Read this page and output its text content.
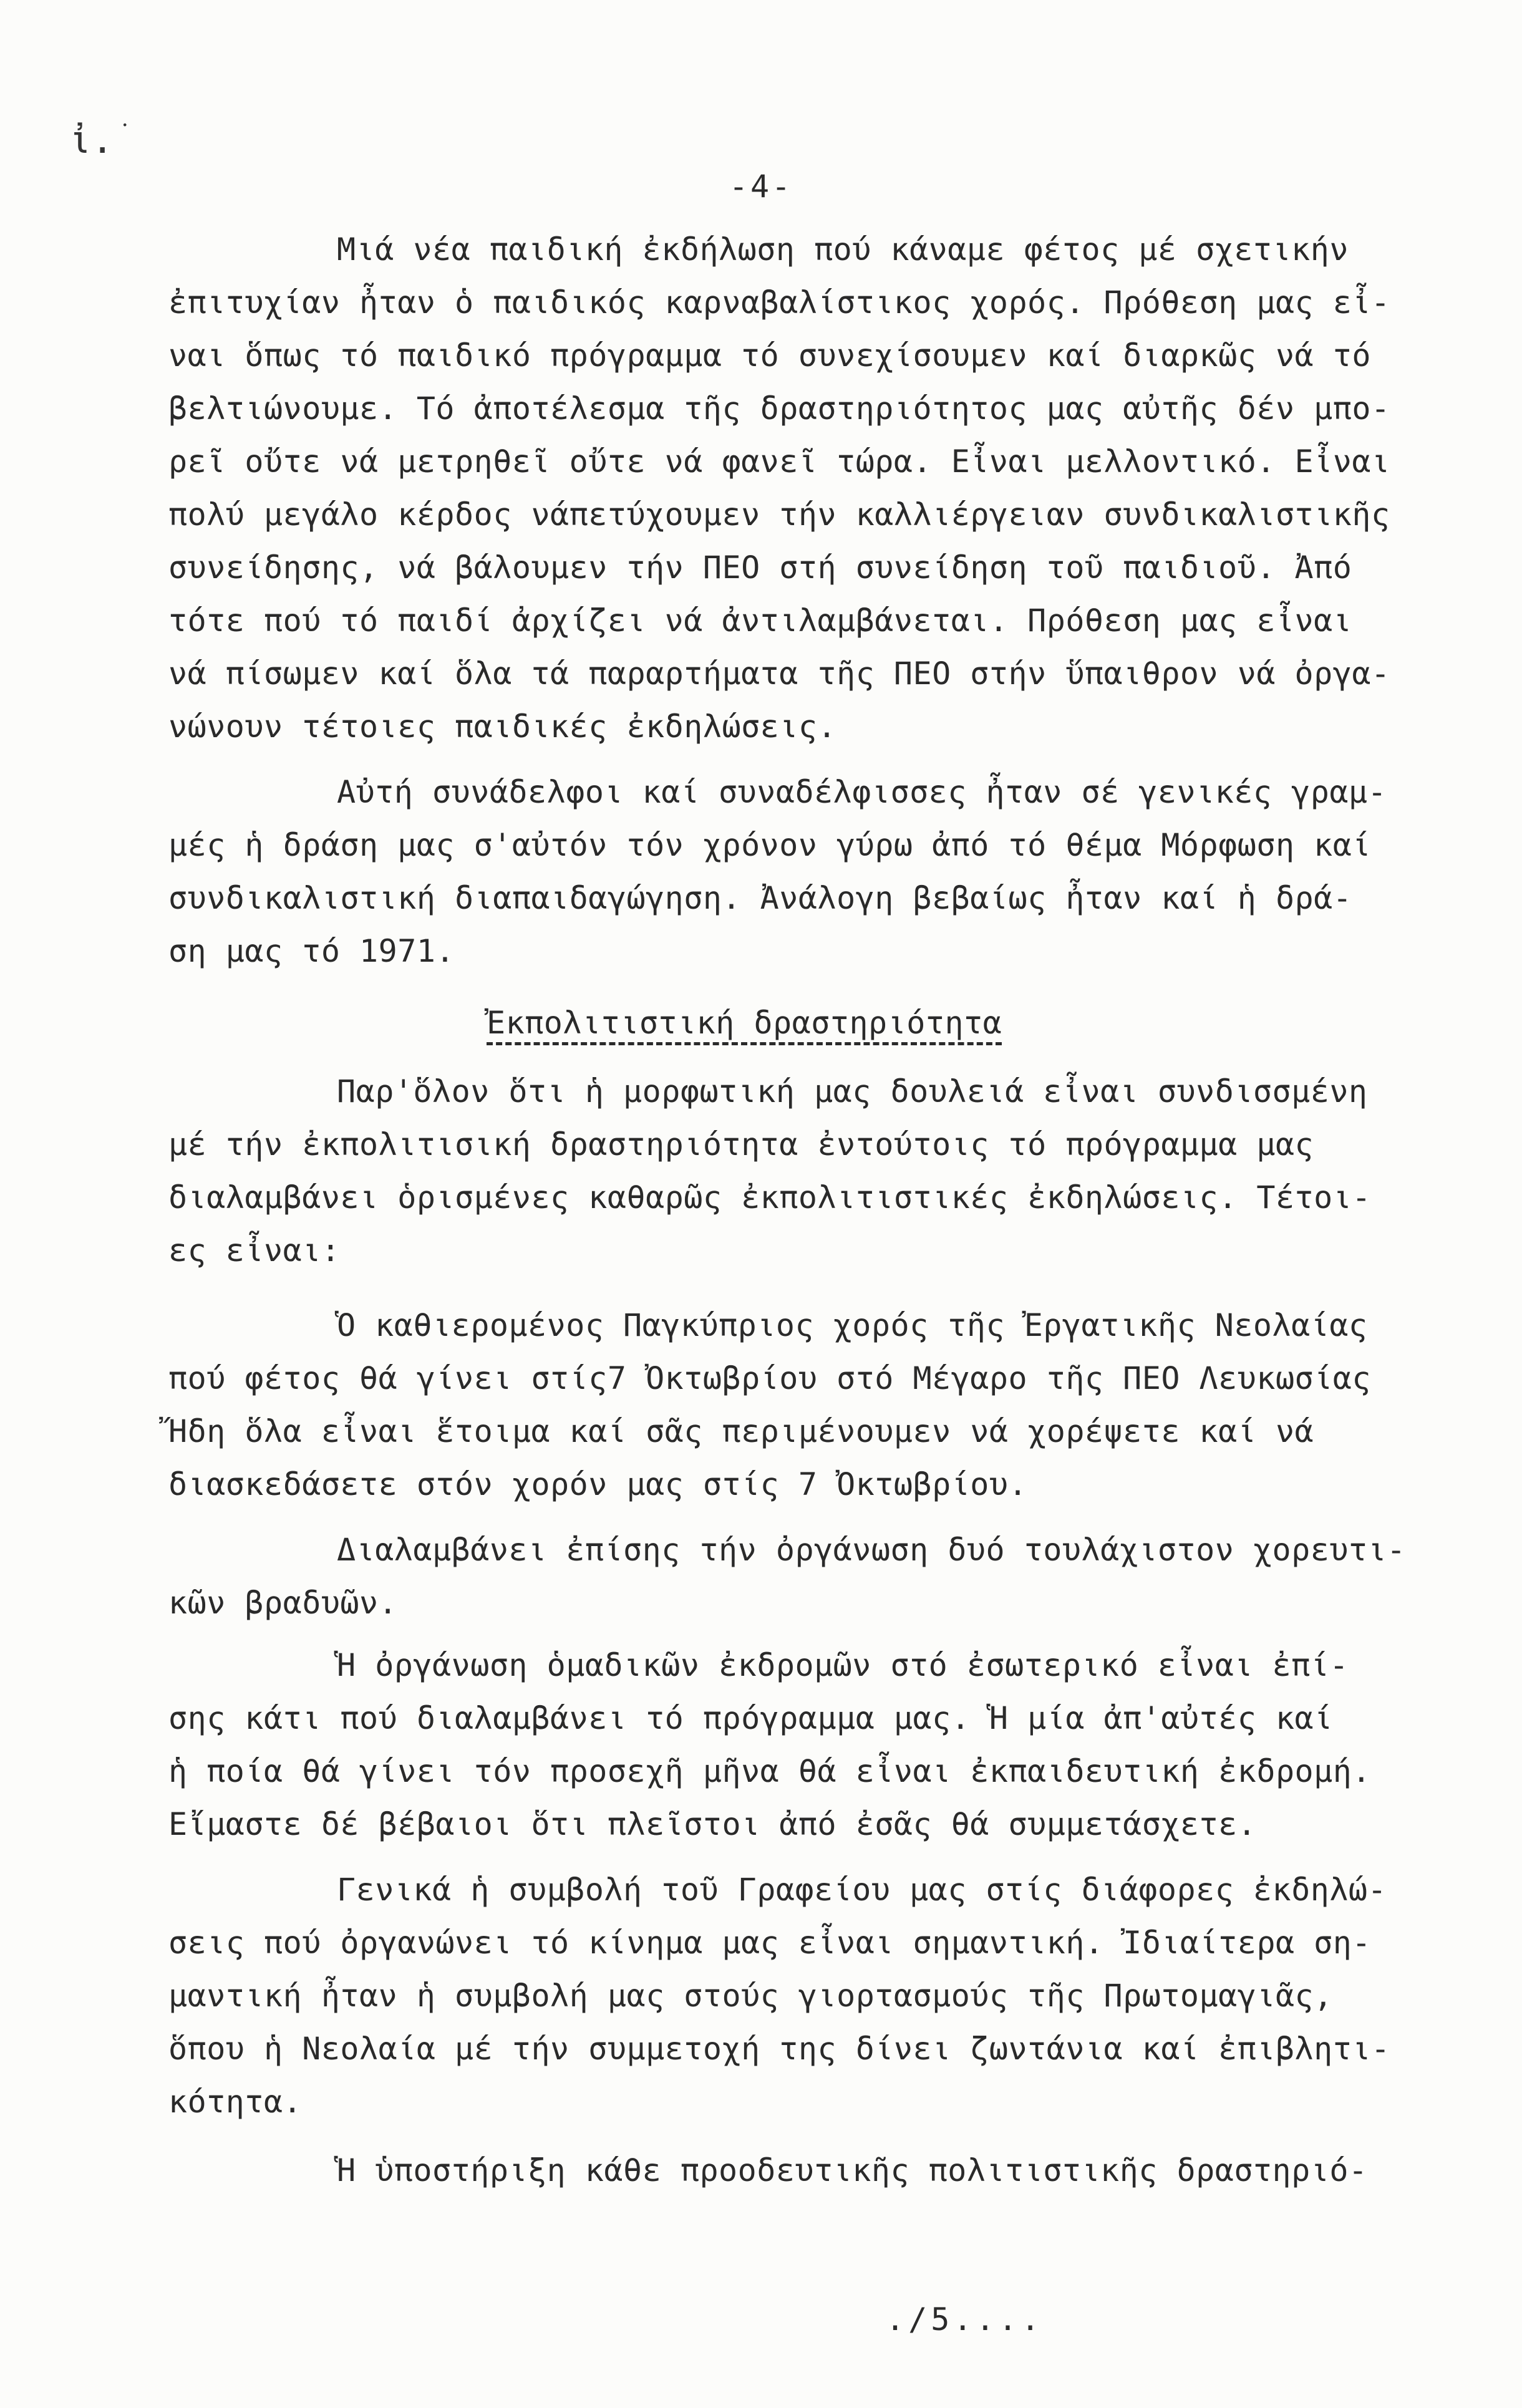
ἰ.ֺ
-4-
Μιά νέα παιδική ἐκδήλωση πού κάναμε φέτος μέ σχετικήν
ἐπιτυχίαν ἦταν ὁ παιδικός καρναβαλίστικος χορός. Πρόθεση μας εἶ-
ναι ὅπως τό παιδικό πρόγραμμα τό συνεχίσουμεν καί διαρκῶς νά τό
βελτιώνουμε. Τό ἀποτέλεσμα τῆς δραστηριότητος μας αὐτῆς δέν μπο-
ρεῖ οὔτε νά μετρηθεῖ οὔτε νά φανεῖ τώρα. Εἶναι μελλοντικό. Εἶναι
πολύ μεγάλο κέρδος νάπετύχουμεν τήν καλλιέργειαν συνδικαλιστικῆς
συνείδησης, νά βάλουμεν τήν ΠΕΟ στή συνείδηση τοῦ παιδιοῦ. Ἀπό
τότε πού τό παιδί ἀρχίζει νά ἀντιλαμβάνεται. Πρόθεση μας εἶναι
νά πίσωμεν καί ὅλα τά παραρτήματα τῆς ΠΕΟ στήν ὕπαιθρον νά ὀργα-
νώνουν τέτοιες παιδικές ἐκδηλώσεις.
Αὐτή συνάδελφοι καί συναδέλφισσες ἦταν σέ γενικές γραμ-
μές ἡ δράση μας σ'αὐτόν τόν χρόνον γύρω ἀπό τό θέμα Μόρφωση καί
συνδικαλιστική διαπαιδαγώγηση. Ἀνάλογη βεβαίως ἦταν καί ἡ δρά-
ση μας τό 1971.
Ἐκπολιτιστική δραστηριότητα
Παρ'ὅλον ὅτι ἡ μορφωτική μας δουλειά εἶναι συνδισσμένη
μέ τήν ἐκπολιτισική δραστηριότητα ἐντούτοις τό πρόγραμμα μας
διαλαμβάνει ὁρισμένες καθαρῶς ἐκπολιτιστικές ἐκδηλώσεις. Τέτοι-
ες εἶναι:
Ὁ καθιερομένος Παγκύπριος χορός τῆς Ἐργατικῆς Νεολαίας
πού φέτος θά γίνει στίς7 Ὀκτωβρίου στό Μέγαρο τῆς ΠΕΟ Λευκωσίας
Ἤδη ὅλα εἶναι ἕτοιμα καί σᾶς περιμένουμεν νά χορέψετε καί νά
διασκεδάσετε στόν χορόν μας στίς 7 Ὀκτωβρίου.
Διαλαμβάνει ἐπίσης τήν ὀργάνωση δυό τουλάχιστον χορευτι-
κῶν βραδυῶν.
Ἡ ὀργάνωση ὁμαδικῶν ἐκδρομῶν στό ἐσωτερικό εἶναι ἐπί-
σης κάτι πού διαλαμβάνει τό πρόγραμμα μας. Ἡ μία ἀπ'αὐτές καί
ἡ ποία θά γίνει τόν προσεχῆ μῆνα θά εἶναι ἐκπαιδευτική ἐκδρομή.
Εἴμαστε δέ βέβαιοι ὅτι πλεῖστοι ἀπό ἐσᾶς θά συμμετάσχετε.
Γενικά ἡ συμβολή τοῦ Γραφείου μας στίς διάφορες ἐκδηλώ-
σεις πού ὀργανώνει τό κίνημα μας εἶναι σημαντική. Ἰδιαίτερα ση-
μαντική ἦταν ἡ συμβολή μας στούς γιορτασμούς τῆς Πρωτομαγιᾶς,
ὅπου ἡ Νεολαία μέ τήν συμμετοχή της δίνει ζωντάνια καί ἐπιβλητι-
κότητα.
Ἡ ὑποστήριξη κάθε προοδευτικῆς πολιτιστικῆς δραστηριό-
./5....
